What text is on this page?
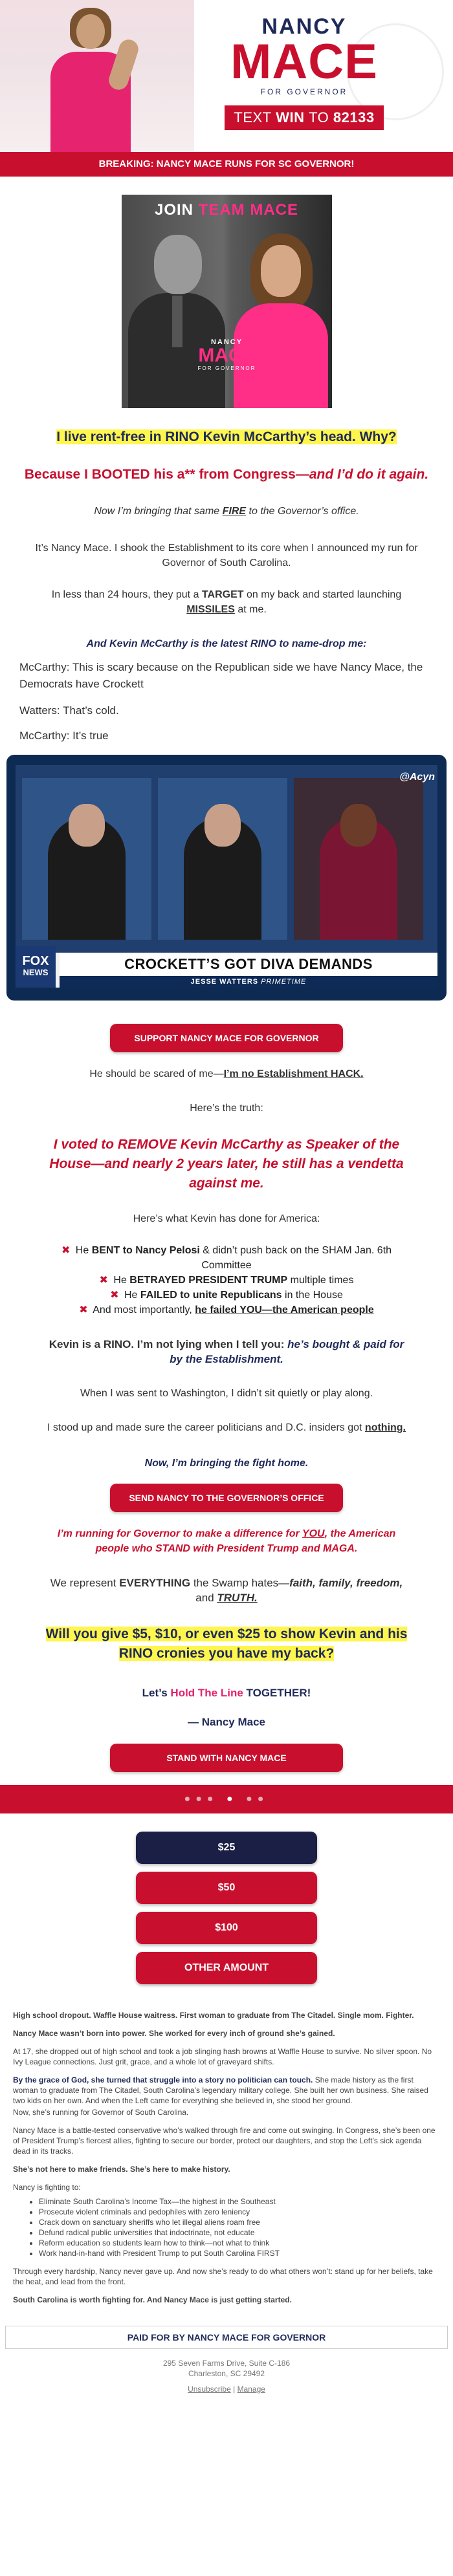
NANCY
MACE
FOR GOVERNOR
TEXT WIN TO 82133
BREAKING: NANCY MACE RUNS FOR SC GOVERNOR!
JOIN TEAM MACE
NANCY
MACE
FOR GOVERNOR
I live rent-free in RINO Kevin McCarthy’s head. Why?
Because I BOOTED his a** from Congress—and I’d do it again.
Now I’m bringing that same FIRE to the Governor’s office.
It’s Nancy Mace. I shook the Establishment to its core when I announced my run for Governor of South Carolina.
In less than 24 hours, they put a TARGET on my back and started launching MISSILES at me.
And Kevin McCarthy is the latest RINO to name-drop me:
McCarthy: This is scary because on the Republican side we have Nancy Mace, the Democrats have Crockett
Watters: That’s cold.
McCarthy: It’s true
@Acyn
FOX
NEWS
CROCKETT’S GOT DIVA DEMANDS
JESSE WATTERS PRIMETIME
SUPPORT NANCY MACE FOR GOVERNOR
He should be scared of me—I’m no Establishment HACK.
Here’s the truth:
I voted to REMOVE Kevin McCarthy as Speaker of the House—and nearly 2 years later, he still has a vendetta against me.
Here’s what Kevin has done for America:
✖ He BENT to Nancy Pelosi & didn’t push back on the SHAM Jan. 6th Committee
✖ He BETRAYED PRESIDENT TRUMP multiple times
✖ He FAILED to unite Republicans in the House
✖ And most importantly, he failed YOU—the American people
Kevin is a RINO. I’m not lying when I tell you: he’s bought & paid for by the Establishment.
When I was sent to Washington, I didn’t sit quietly or play along.
I stood up and made sure the career politicians and D.C. insiders got nothing.
Now, I’m bringing the fight home.
SEND NANCY TO THE GOVERNOR’S OFFICE
I’m running for Governor to make a difference for YOU, the American people who STAND with President Trump and MAGA.
We represent EVERYTHING the Swamp hates—faith, family, freedom, and TRUTH.
Will you give $5, $10, or even $25 to show Kevin and his RINO cronies you have my back?
Let’s Hold The Line TOGETHER!
— Nancy Mace
STAND WITH NANCY MACE
●●● ● ●●
$25
$50
$100
OTHER AMOUNT

High school dropout. Waffle House waitress. First woman to graduate from The Citadel. Single mom. Fighter.

Nancy Mace wasn’t born into power. She worked for every inch of ground she’s gained.

At 17, she dropped out of high school and took a job slinging hash browns at Waffle House to survive. No silver spoon. No Ivy League connections. Just grit, grace, and a whole lot of graveyard shifts.

By the grace of God, she turned that struggle into a story no politician can touch. She made history as the first woman to graduate from The Citadel, South Carolina’s legendary military college. She built her own business. She raised two kids on her own. And when the Left came for everything she believed in, she stood her ground.

Now, she’s running for Governor of South Carolina.

Nancy Mace is a battle-tested conservative who’s walked through fire and come out swinging. In Congress, she’s been one of President Trump’s fiercest allies, fighting to secure our border, protect our daughters, and stop the Left’s sick agenda dead in its tracks.

She’s not here to make friends. She’s here to make history.

Nancy is fighting to:

• Eliminate South Carolina’s Income Tax—the highest in the Southeast
• Prosecute violent criminals and pedophiles with zero leniency
• Crack down on sanctuary sheriffs who let illegal aliens roam free
• Defund radical public universities that indoctrinate, not educate
• Reform education so students learn how to think—not what to think
• Work hand-in-hand with President Trump to put South Carolina FIRST

Through every hardship, Nancy never gave up. And now she’s ready to do what others won’t: stand up for her beliefs, take the heat, and lead from the front.

South Carolina is worth fighting for. And Nancy Mace is just getting started.

PAID FOR BY NANCY MACE FOR GOVERNOR
295 Seven Farms Drive, Suite C-186
Charleston, SC 29492
Unsubscribe | Manage
